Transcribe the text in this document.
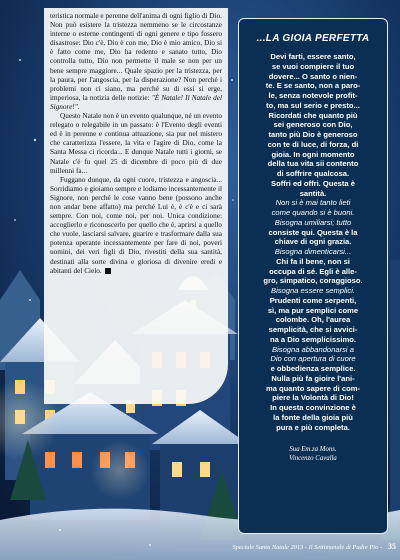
teristica normale e perenne dell'anima di ogni figlio di Dio. Non può esistere la tristezza nemmeno se le circostanze interne o esterne contingenti di ogni genere e tipo fossero disastrose: Dio c'è, Dio è con me, Dio è mio amico, Dio si è fatto come me, Dio ha redento e sanato tutto, Dio controlla tutto, Dio non permette il male se non per un bene sempre maggiore... Quale spazio per la tristezza, per la paura, per l'angoscia, per la disperazione? Non perché i problemi non ci siano, ma perché su di essi si erge, imperiosa, la notizia delle notizie: "È Natale! Il Natale del Signore!".

Questo Natale non è un evento qualunque, né un evento relegato o relegabile in un passato: è l'Evento degli eventi ed è in perenne e continua attuazione, sia pur nel mistero che caratterizza l'essere, la vita e l'agire di Dio, come la Santa Messa ci ricorda... E dunque Natale tutti i giorni, se Natale c'è fu quel 25 di dicembre di poco più di due millenni fa...

Fuggano dunque, da ogni cuore, tristezza e angoscia... Sorridiamo e gioiamo sempre e lodiamo incessantemente il Signore, non perché le cose vanno bene (possono anche non andar bene affatto) ma perché Lui è, è c'è e ci sarà sempre. Con noi, come noi, per noi. Unica condizione: accoglierlo e riconoscerlo per quello che è, aprirsi a quello che vuole, lasciarsi salvare, guarire e trasformare dalla sua potenza operante incessantemente per fare di noi, poveri uomini, dei veri figli di Dio, rivestiti della sua santità, destinati alla sorte divina e gloriosa di divenire eredi e abitanti del Cielo.

...LA GIOIA PERFETTA
Devi farti, essere santo,
se vuoi compiere il tuo
dovere... O santo o nien-
te. E se santo, non a paro-
le, senza notevole profit-
to, ma sul serio e presto...
Ricordati che quanto più
sei generoso con Dio,
tanto più Dio è generoso
con te di luce, di forza, di
gioia. In ogni momento
della tua vita sii contento
di soffrire qualcosa.
Soffri ed offri. Questa è
santità.
Non si è mai tanto lieti
come quando si è buoni.
Bisogna umiliarsi; tutto
consiste qui. Questa è la
chiave di ogni grazia.
Bisogna dimenticarsi...
Chi fa il bene, non si
occupa di sé. Egli è alle-
gro, simpatico, coraggioso.
Bisogna essere semplici.
Prudenti come serpenti,
sì, ma pur semplici come
colombe. Oh, l'aurea
semplicità, che si avvici-
na a Dio semplicissimo.
Bisogna abbandonarsi a
Dio con apertura di cuore
e obbedienza semplice.
Nulla più fa gioire l'ani-
ma quanto sapere di com-
piere la Volontà di Dio!
In questa convinzione è
la fonte della gioia più
pura e più completa.
Sua Em.za Mons.
Vincenzo Cavalla
Speciale Santo Natale 2013 - Il Settimanale di Padre Pio - 35
